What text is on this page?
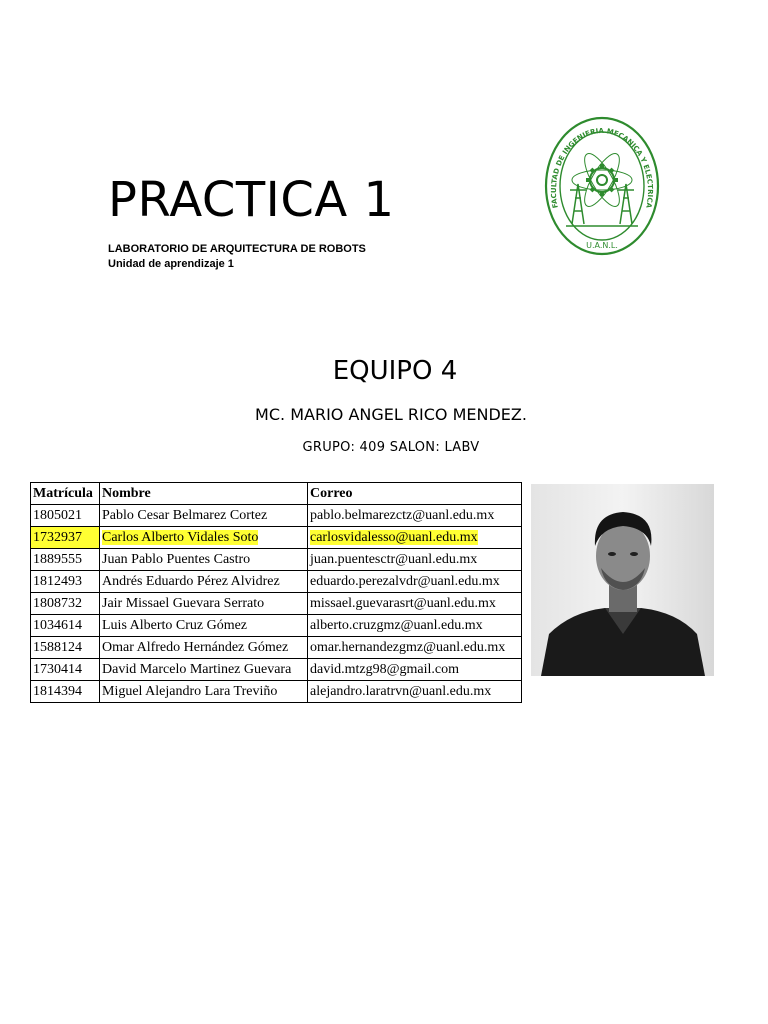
PRACTICA 1
LABORATORIO DE ARQUITECTURA DE ROBOTS
Unidad de aprendizaje 1
FACULTAD DE INGENIERIA MECANICA Y ELECTRICA
U.A.N.L.
EQUIPO 4
MC. MARIO ANGEL RICO MENDEZ.
GRUPO: 409 SALON: LABV
Matrícula	Nombre	Correo
1805021	Pablo Cesar Belmarez Cortez	pablo.belmarezctz@uanl.edu.mx
1732937	Carlos Alberto Vidales Soto	carlosvidalesso@uanl.edu.mx
1889555	Juan Pablo Puentes Castro	juan.puentesctr@uanl.edu.mx
1812493	Andrés Eduardo Pérez Alvidrez	eduardo.perezalvdr@uanl.edu.mx
1808732	Jair Missael Guevara Serrato	missael.guevarasrt@uanl.edu.mx
1034614	Luis Alberto Cruz Gómez	alberto.cruzgmz@uanl.edu.mx
1588124	Omar Alfredo Hernández Gómez	omar.hernandezgmz@uanl.edu.mx
1730414	David Marcelo Martinez Guevara	david.mtzg98@gmail.com
1814394	Miguel Alejandro Lara Treviño	alejandro.laratrvn@uanl.edu.mx
